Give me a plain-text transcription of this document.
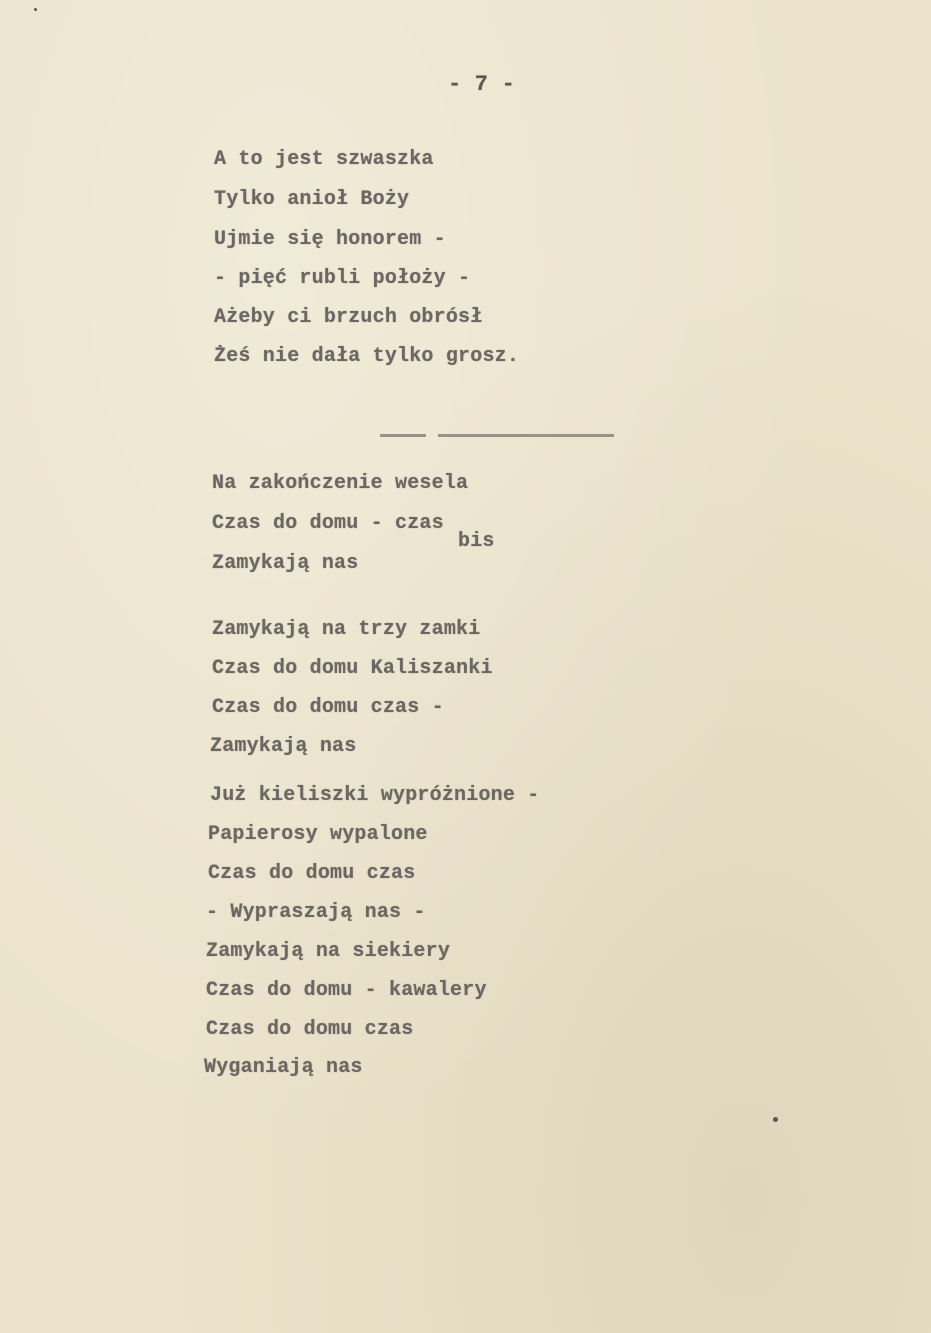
- 7 -
A to jest szwaszka
Tylko anioł Boży
Ujmie się honorem -
- pięć rubli położy -
Ażeby ci brzuch obrósł
Żeś nie dała tylko grosz.
Na zakończenie wesela
Czas do domu - czas
Zamykają nas
bis
Zamykają na trzy zamki
Czas do domu Kaliszanki
Czas do domu czas -
Zamykają nas
Już kieliszki wypróżnione -
Papierosy wypalone
Czas do domu czas
- Wypraszają nas -
Zamykają na siekiery
Czas do domu - kawalery
Czas do domu czas
Wyganiają nas
